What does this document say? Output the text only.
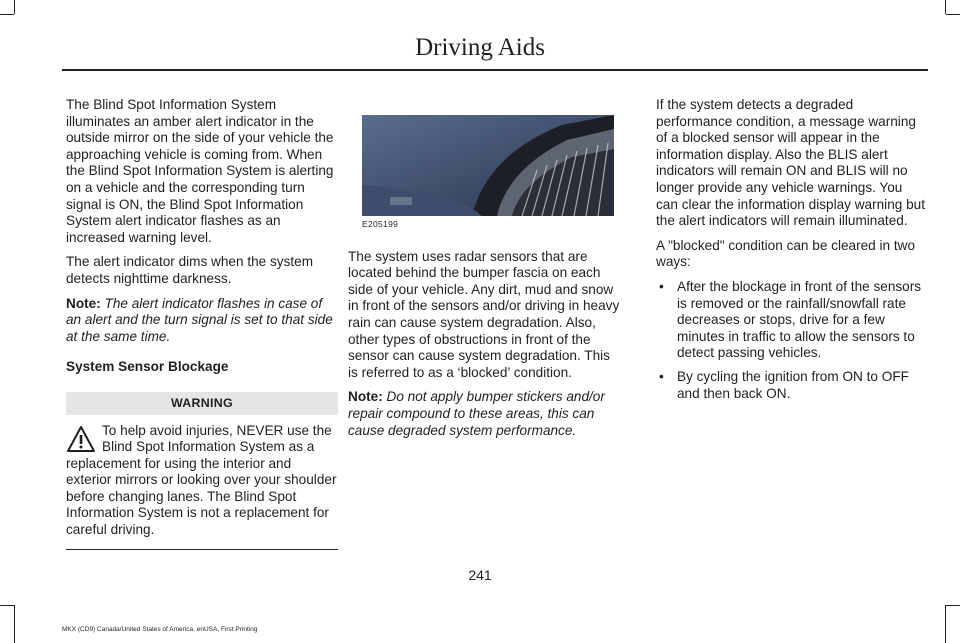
Driving Aids

The Blind Spot Information System illuminates an amber alert indicator in the outside mirror on the side of your vehicle the approaching vehicle is coming from. When the Blind Spot Information System is alerting on a vehicle and the corresponding turn signal is ON, the Blind Spot Information System alert indicator flashes as an increased warning level.

The alert indicator dims when the system detects nighttime darkness.

Note: The alert indicator flashes in case of an alert and the turn signal is set to that side at the same time.

System Sensor Blockage

WARNING
To help avoid injuries, NEVER use the Blind Spot Information System as a replacement for using the interior and exterior mirrors or looking over your shoulder before changing lanes. The Blind Spot Information System is not a replacement for careful driving.

E205199

The system uses radar sensors that are located behind the bumper fascia on each side of your vehicle. Any dirt, mud and snow in front of the sensors and/or driving in heavy rain can cause system degradation. Also, other types of obstructions in front of the sensor can cause system degradation. This is referred to as a ‘blocked’ condition.

Note: Do not apply bumper stickers and/or repair compound to these areas, this can cause degraded system performance.

If the system detects a degraded performance condition, a message warning of a blocked sensor will appear in the information display. Also the BLIS alert indicators will remain ON and BLIS will no longer provide any vehicle warnings. You can clear the information display warning but the alert indicators will remain illuminated.

A "blocked" condition can be cleared in two ways:

• After the blockage in front of the sensors is removed or the rainfall/snowfall rate decreases or stops, drive for a few minutes in traffic to allow the sensors to detect passing vehicles.
• By cycling the ignition from ON to OFF and then back ON.
241
MKX (CD9) Canada/United States of America, enUSA, First Printing
